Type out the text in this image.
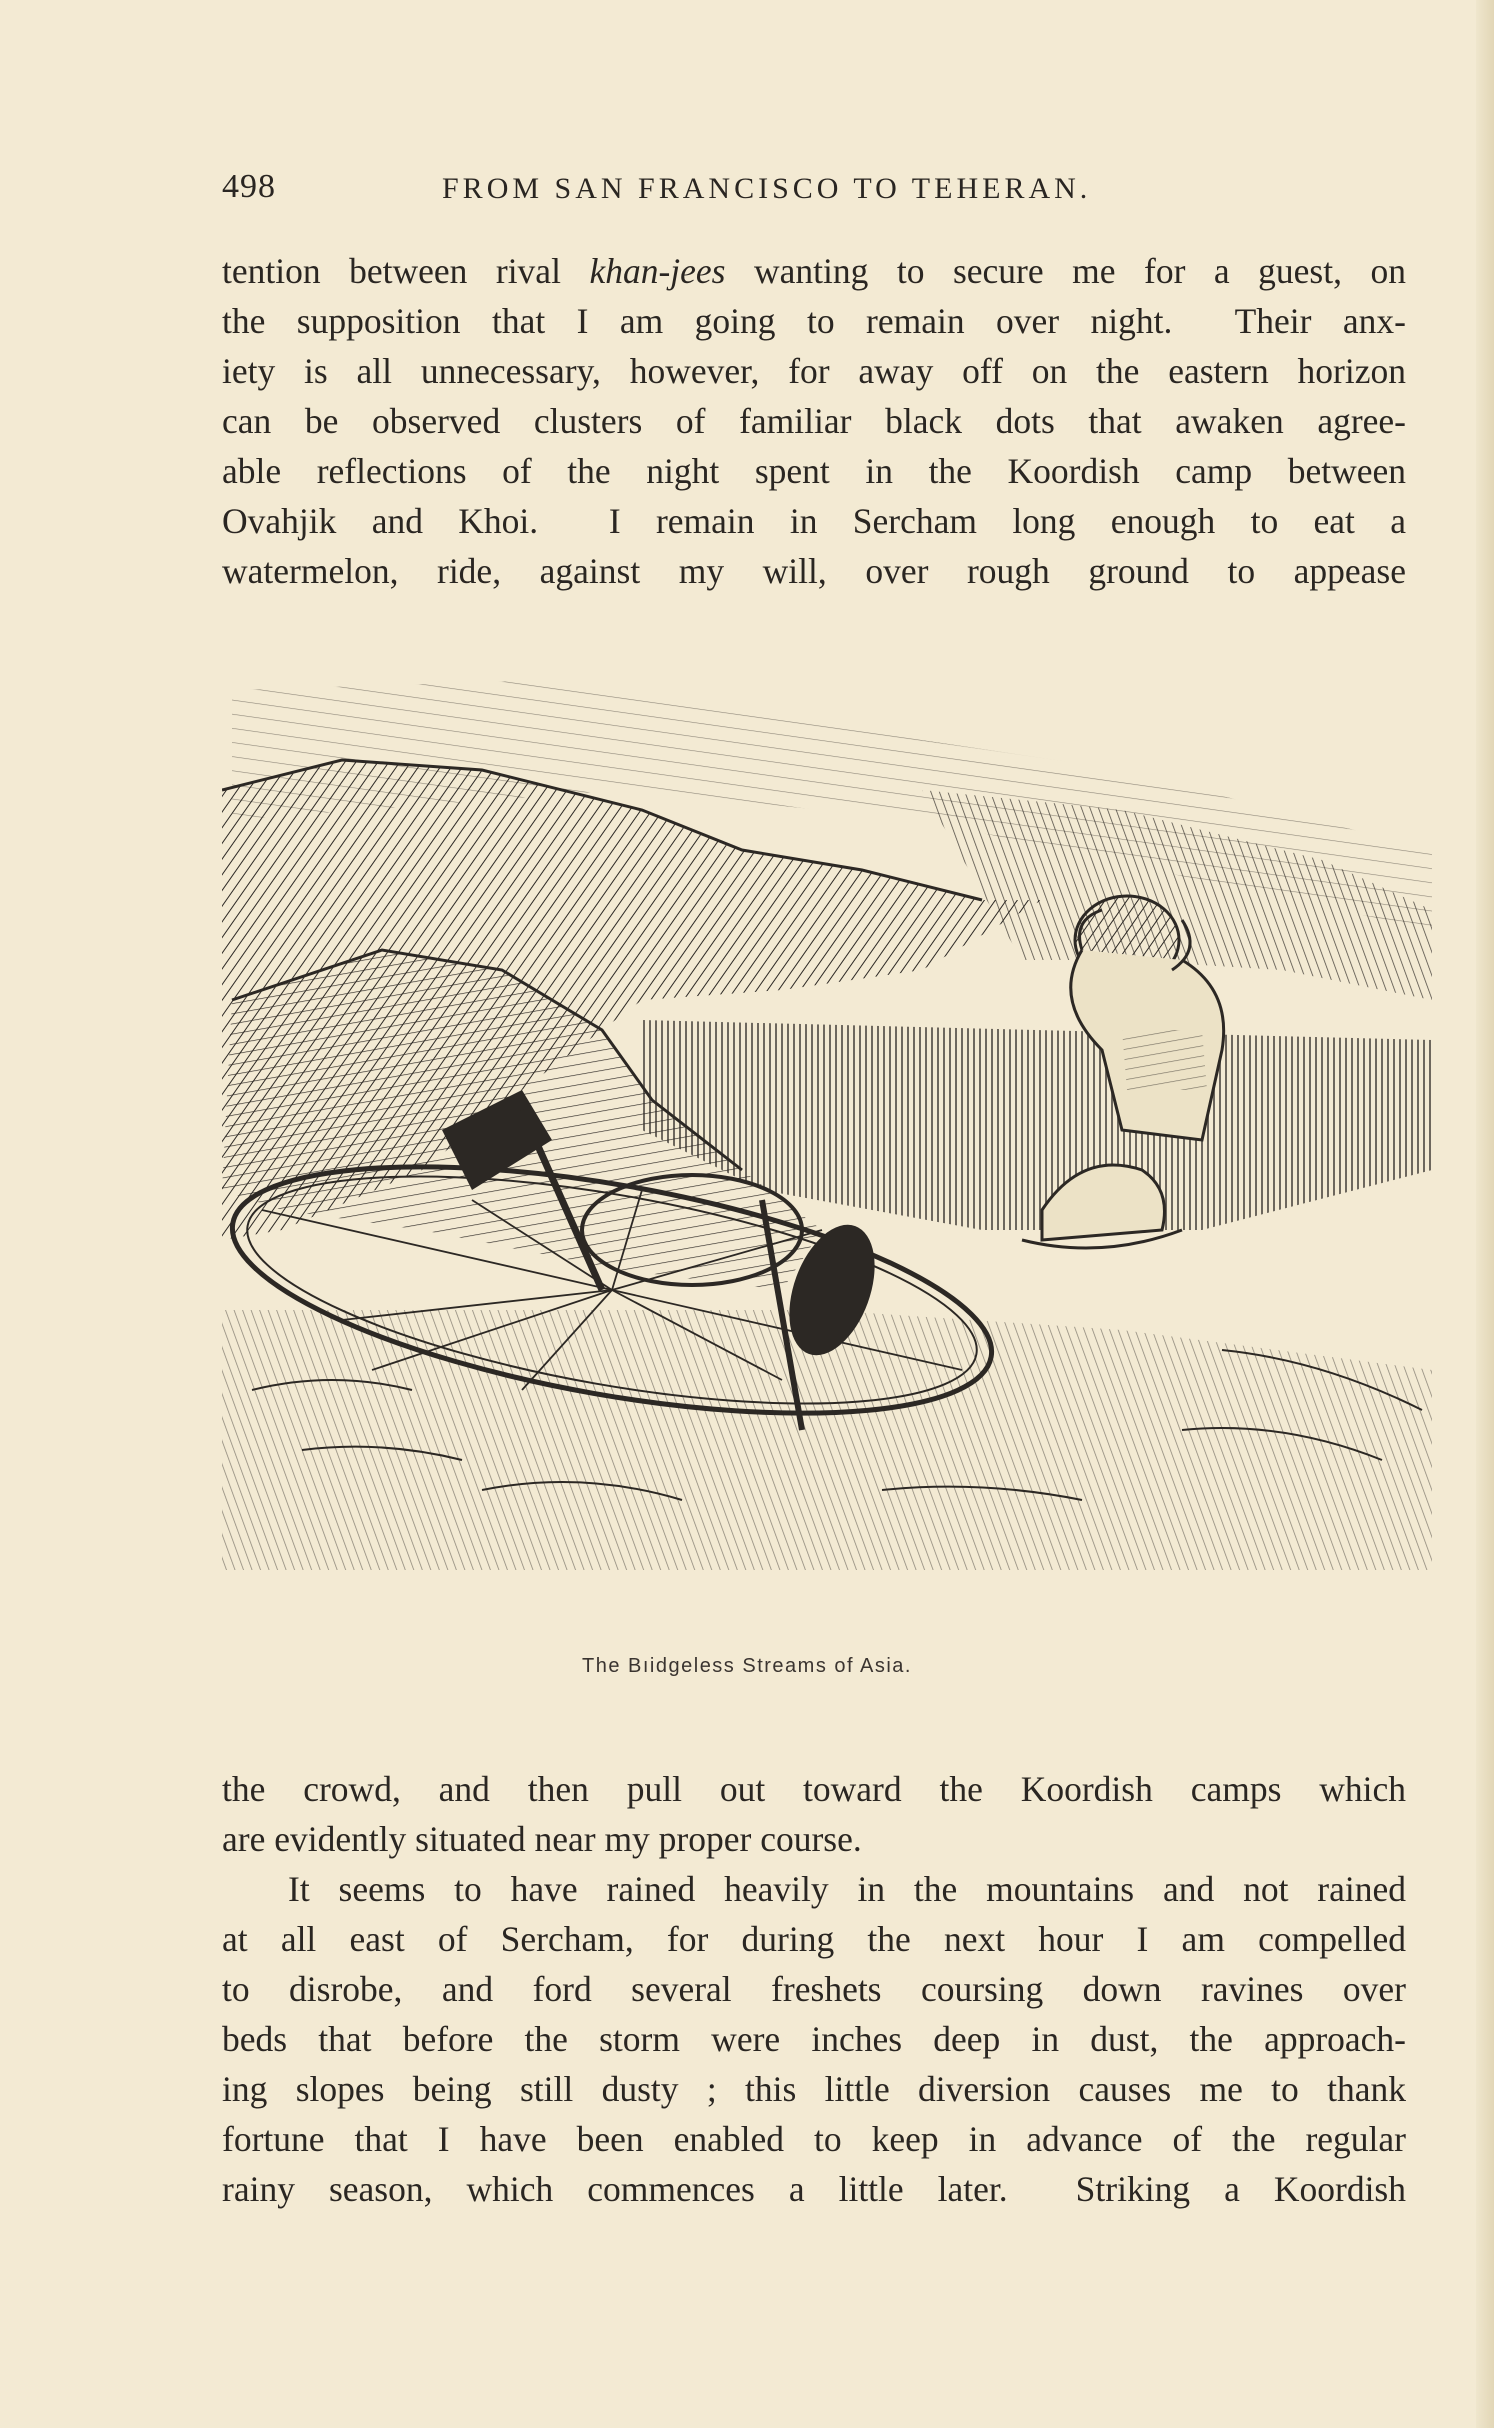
498	FROM SAN FRANCISCO TO TEHERAN.
tention between rival khan-jees wanting to secure me for a guest, on
the supposition that I am going to remain over night.  Their anx-
iety is all unnecessary, however, for away off on the eastern horizon
can be observed clusters of familiar black dots that awaken agree-
able reflections of the night spent in the Koordish camp between
Ovahjik and Khoi.  I remain in Sercham long enough to eat a
watermelon, ride, against my will, over rough ground to appease
The Bıidgeless Streams of Asia.
the crowd, and then pull out toward the Koordish camps which
are evidently situated near my proper course.
It seems to have rained heavily in the mountains and not rained
at all east of Sercham, for during the next hour I am compelled
to disrobe, and ford several freshets coursing down ravines over
beds that before the storm were inches deep in dust, the approach-
ing slopes being still dusty ; this little diversion causes me to thank
fortune that I have been enabled to keep in advance of the regular
rainy season, which commences a little later.  Striking a Koordish
